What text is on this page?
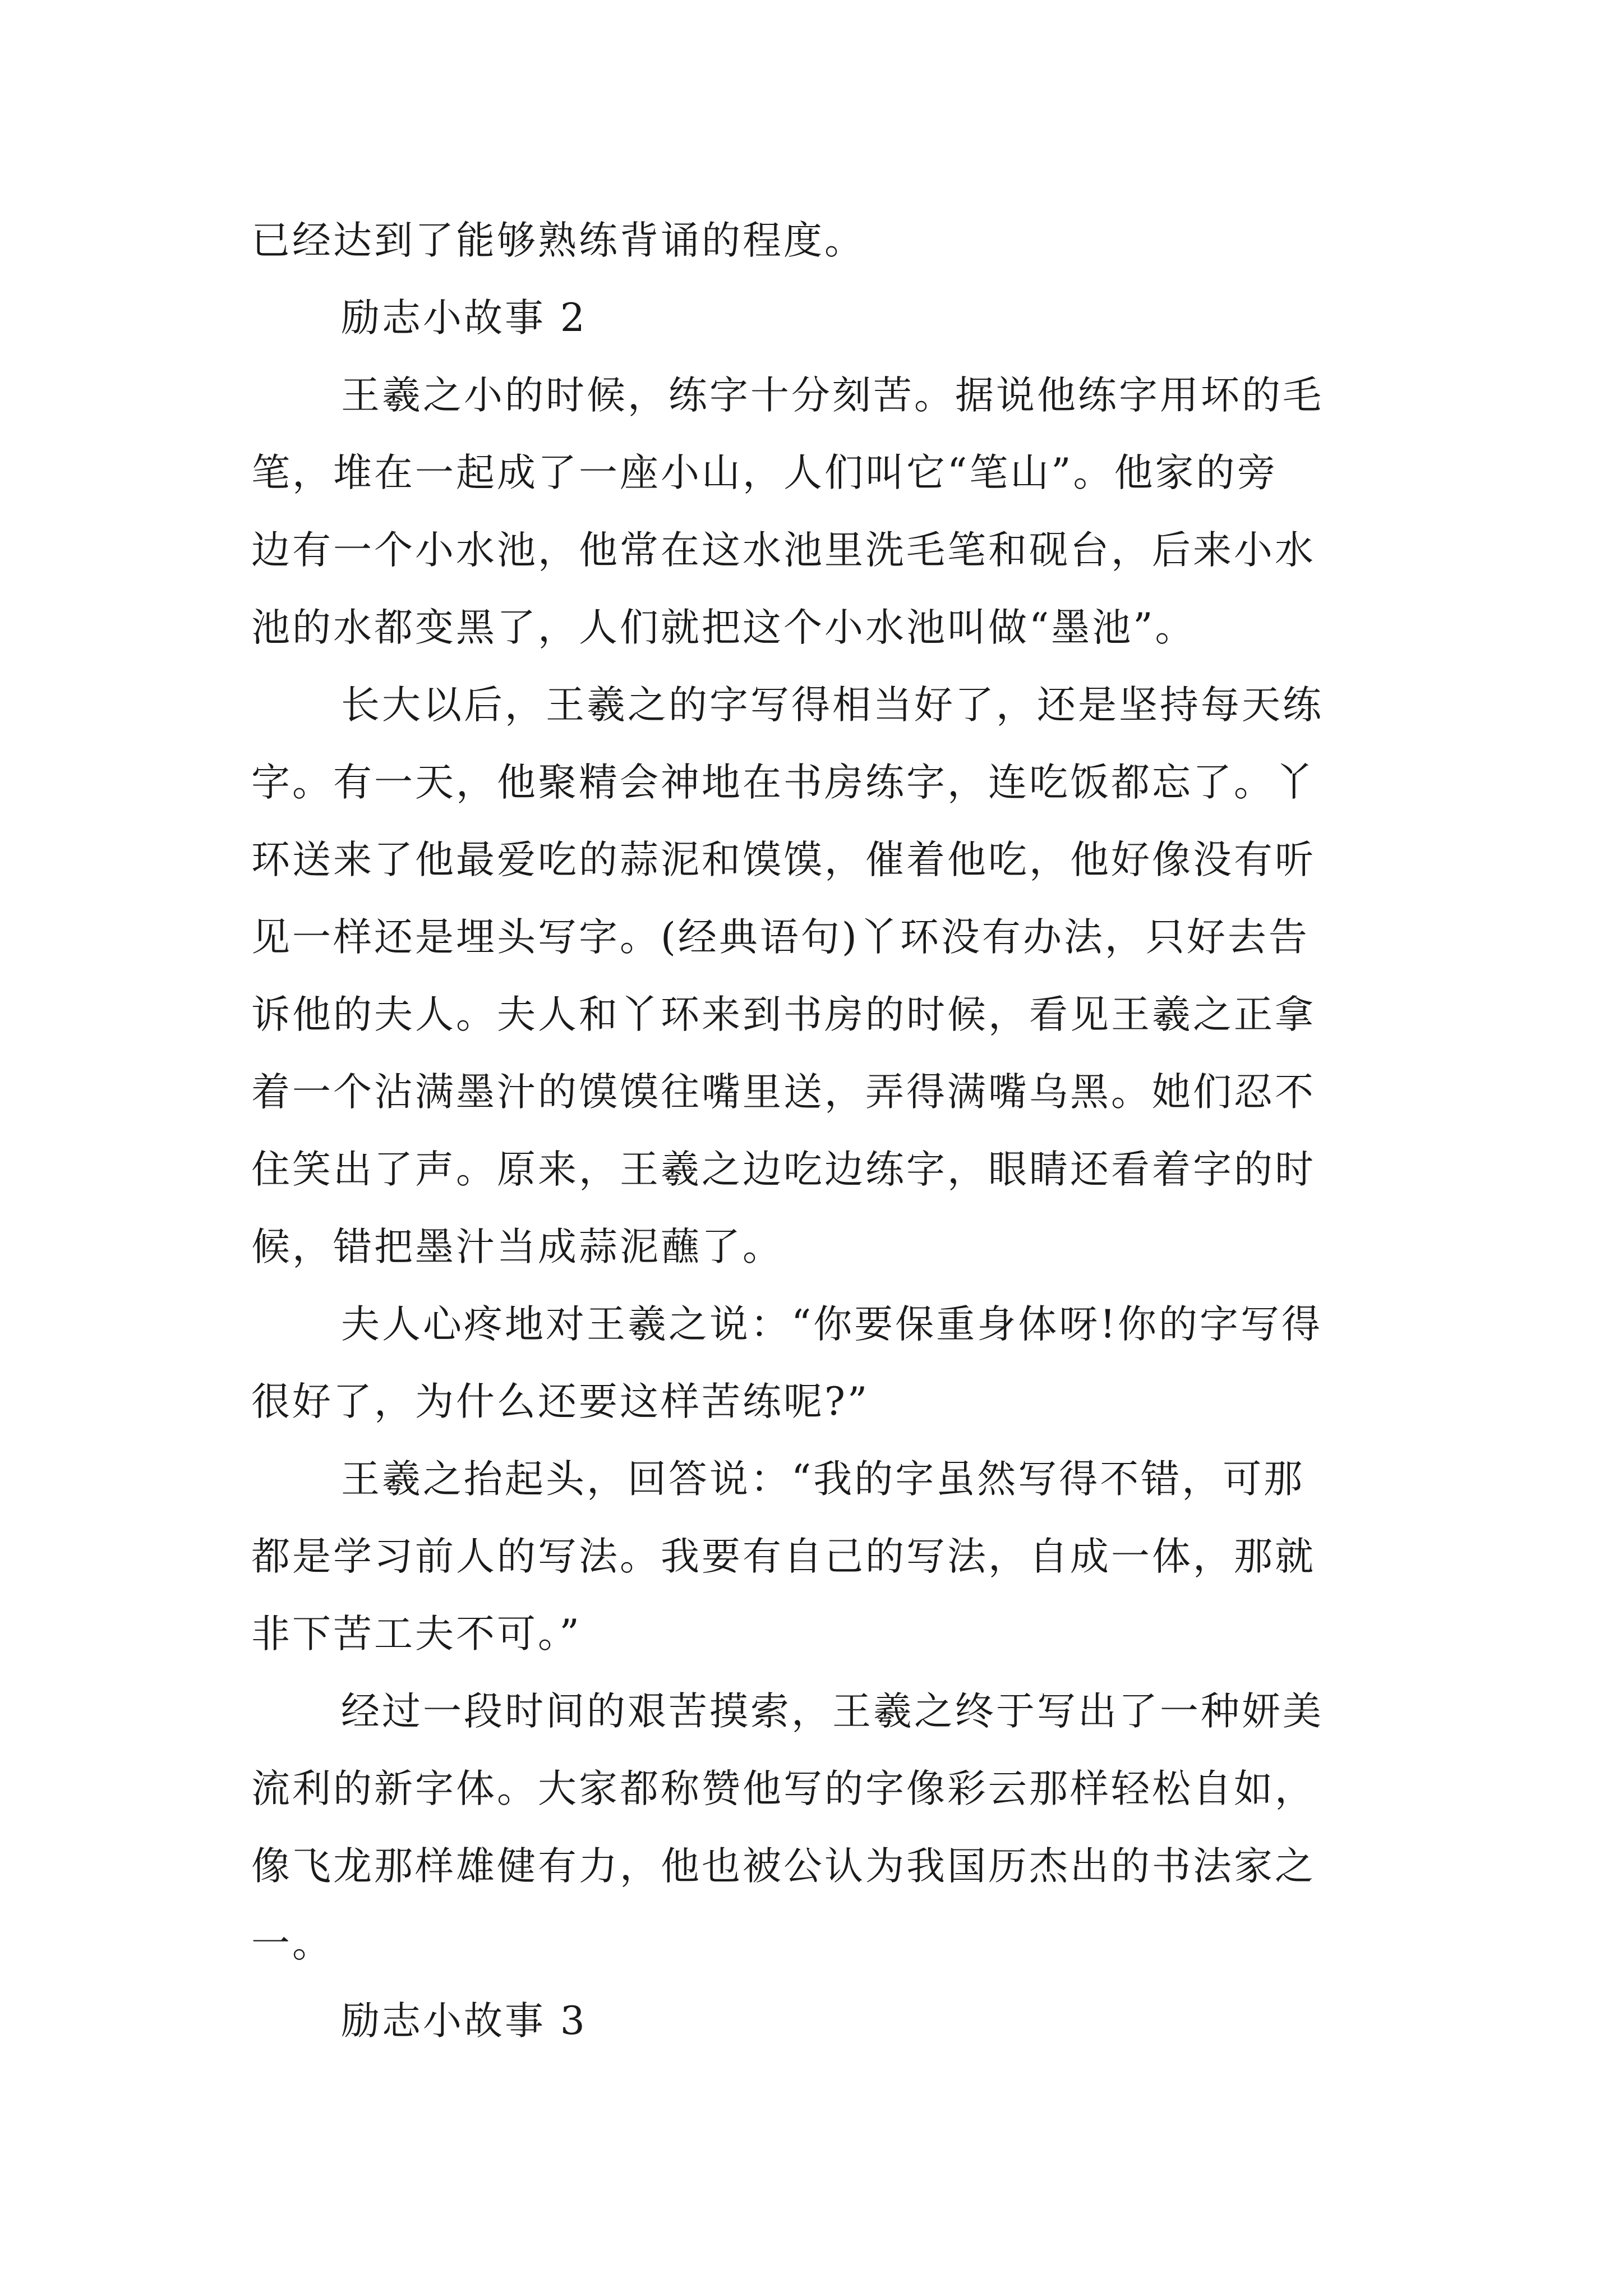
已经达到了能够熟练背诵的程度。
励志小故事 2
王羲之小的时候，练字十分刻苦。据说他练字用坏的毛
笔，堆在一起成了一座小山，人们叫它“笔山”。他家的旁
边有一个小水池，他常在这水池里洗毛笔和砚台，后来小水
池的水都变黑了，人们就把这个小水池叫做“墨池”。
长大以后，王羲之的字写得相当好了，还是坚持每天练
字。有一天，他聚精会神地在书房练字，连吃饭都忘了。丫
环送来了他最爱吃的蒜泥和馍馍，催着他吃，他好像没有听
见一样还是埋头写字。(经典语句)丫环没有办法，只好去告
诉他的夫人。夫人和丫环来到书房的时候，看见王羲之正拿
着一个沾满墨汁的馍馍往嘴里送，弄得满嘴乌黑。她们忍不
住笑出了声。原来，王羲之边吃边练字，眼睛还看着字的时
候，错把墨汁当成蒜泥蘸了。
夫人心疼地对王羲之说：“你要保重身体呀!你的字写得
很好了，为什么还要这样苦练呢?”
王羲之抬起头，回答说：“我的字虽然写得不错，可那
都是学习前人的写法。我要有自己的写法，自成一体，那就
非下苦工夫不可。”
经过一段时间的艰苦摸索，王羲之终于写出了一种妍美
流利的新字体。大家都称赞他写的字像彩云那样轻松自如，
像飞龙那样雄健有力，他也被公认为我国历杰出的书法家之
一。
励志小故事 3
